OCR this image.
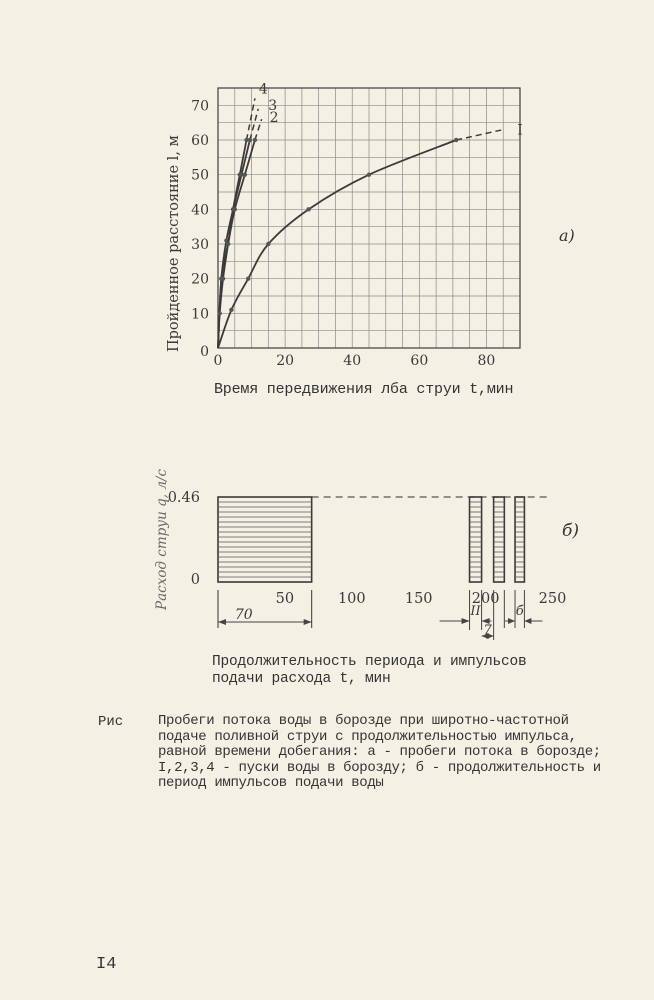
0	20	40	60	80
0
10
20
30
40
50
60
70
I
2
3
4
Пройденное расстояние l, м	а)

Время передвижения лба струи t,мин

0.46
0
50	100	150	200	250
70	II
7
б
Расход струи q, л/с	б)

Продолжительность периода и импульсов
подачи расхода t, мин

Рис Пробеги потока воды в борозде при широтно-частотной подаче поливной струи с продолжительностью импульса, равной времени добегания: а - пробеги потока в борозде; I,2,3,4 - пуски воды в борозду; б - продолжительность и период импульсов подачи воды
I4
